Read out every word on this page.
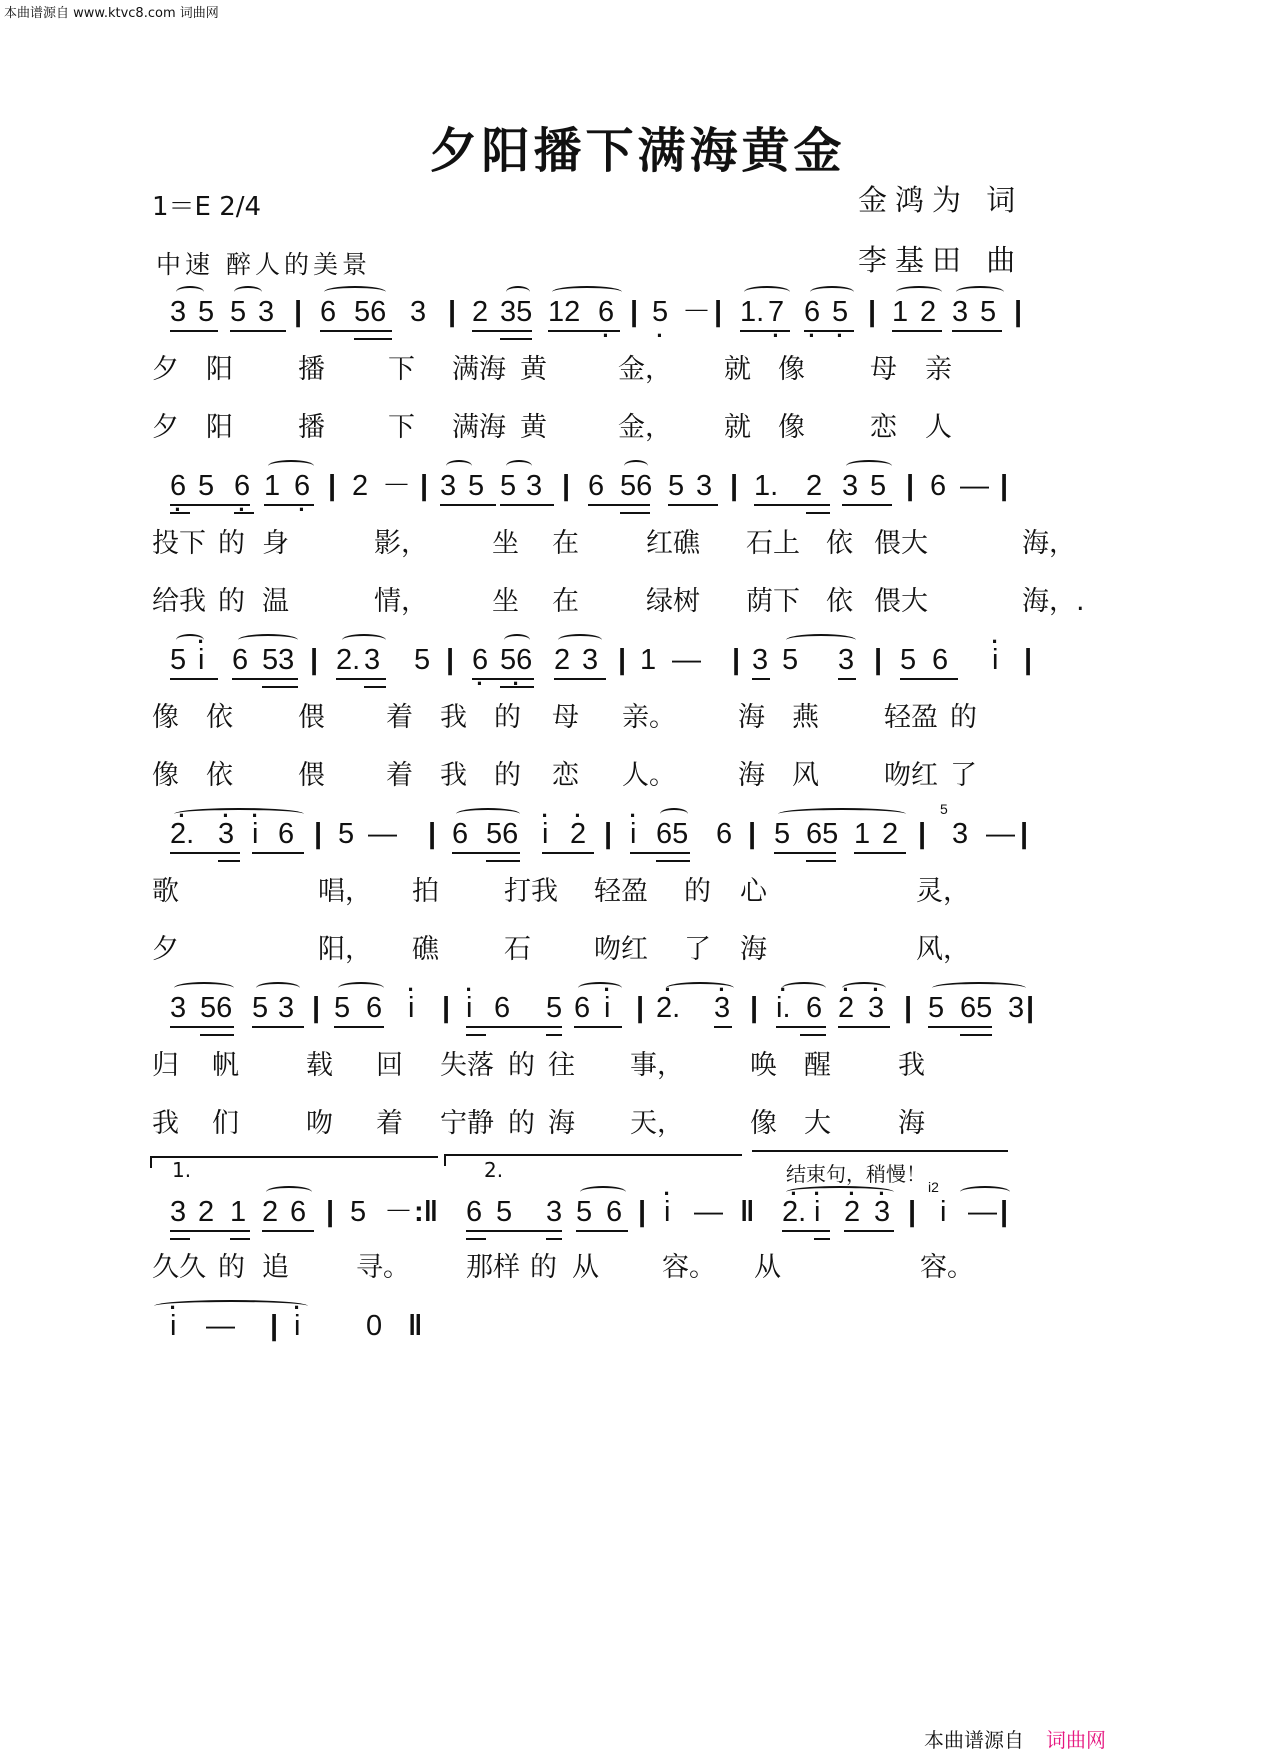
本曲谱源自 www.ktvc8.com 词曲网
夕阳播下满海黄金
1＝E 2/4
中速 醉人的美景
金鸿为 词
李基田 曲
3 5 5 3 | 6 56 3 | 2 35 12 6 · | 5 · － | 1. 7 · 6 · 5 · | 1 2 3 5 |
夕 阳 播 下 满海 黄	金， 就 像 母 亲
夕 阳 播 下 满海 黄	金， 就 像 恋 人
6 · 5 6 · 1 6 · | 2 － | 3 5 5 3 | 6 56 5 3 | 1. 2 3 5 | 6 — |
投下 的 身	影， 坐 在 红礁 石上 依 偎大	海，
给我 的 温	情， 坐 在 绿树 荫下 依 偎大	海，.
5 · i 6 53 | 2. 3 5 | 6 · 56 · 2 3 | 1 — | 3 5 3 | 5 6 · i |
像 依 偎 着 我 的 母 亲。 海 燕 轻盈 的
像 依 偎 着 我 的 恋 人。 海 风 吻红 了
· 2. · 3 · i 6 | 5 — | 6 56 · i · 2 | · i 65 6 | 5 65 1 2 | 3
5
— |
歌	唱， 拍 打我 轻盈 的 心	灵，
夕	阳， 礁 石 吻红 了 海	风，
3 56 5 3 | 5 6 · i | · i 6 5 6 · i | · 2. · 3 | · i. 6 · 2 · 3 | 5 65 3 |
归 帆 载 回 失落 的 往 事， 唤 醒 我
我 们 吻 着 宁静 的 海 天， 像 大 海
3 2 1 2 6 | 5 － :‖ 6 5 3 5 6 | · i — ‖ · 2. · i · 2 · 3 | i
i2
— |
久久 的 追 寻。 那样 的 从 容。 从	容。
· i — | · i 0 ‖
1.	2.	结束句，稍慢！
本曲谱源自 词曲网
